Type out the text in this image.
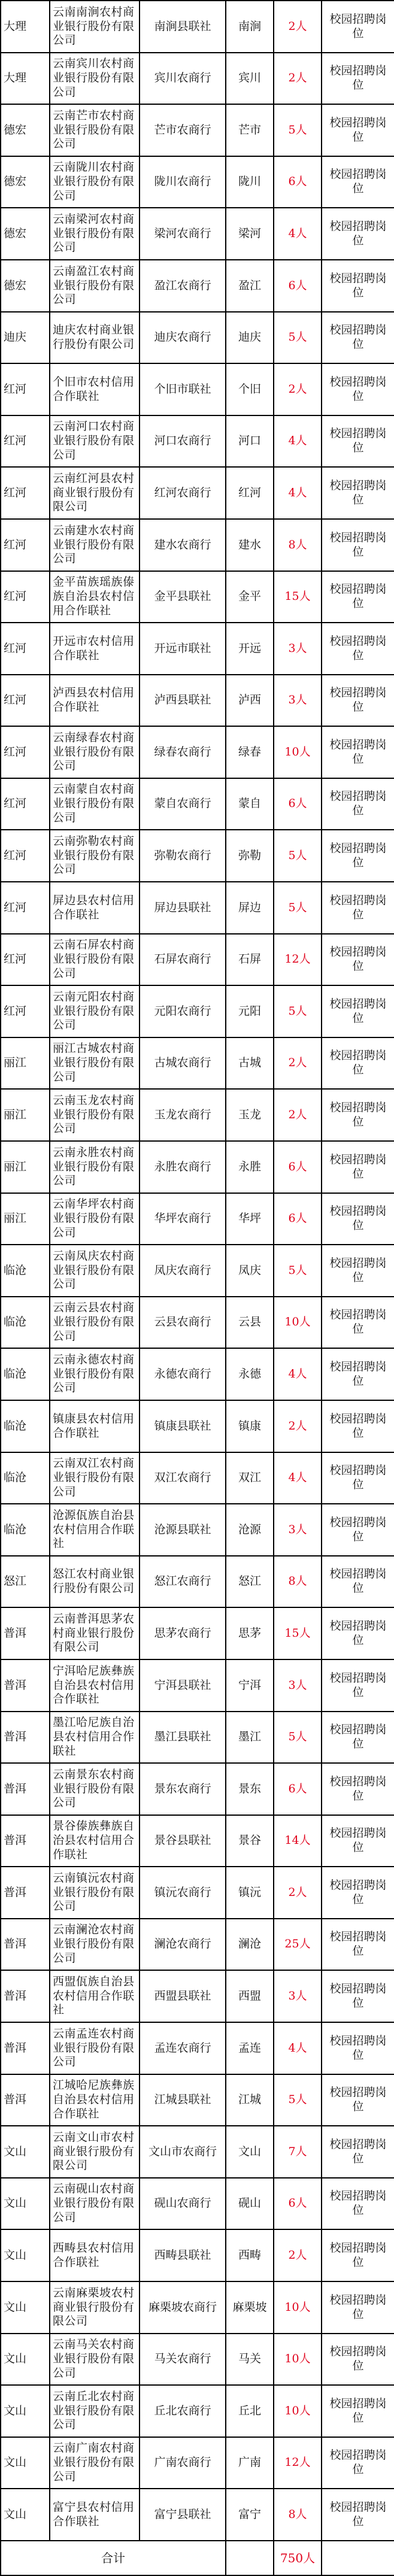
大理	云南南涧农村商业银行股份有限公司	南涧县联社	南涧	2人	校园招聘岗位
大理	云南宾川农村商业银行股份有限公司	宾川农商行	宾川	2人	校园招聘岗位
德宏	云南芒市农村商业银行股份有限公司	芒市农商行	芒市	5人	校园招聘岗位
德宏	云南陇川农村商业银行股份有限公司	陇川农商行	陇川	6人	校园招聘岗位
德宏	云南梁河农村商业银行股份有限公司	梁河农商行	梁河	4人	校园招聘岗位
德宏	云南盈江农村商业银行股份有限公司	盈江农商行	盈江	6人	校园招聘岗位
迪庆	迪庆农村商业银行股份有限公司	迪庆农商行	迪庆	5人	校园招聘岗位
红河	个旧市农村信用合作联社	个旧市联社	个旧	2人	校园招聘岗位
红河	云南河口农村商业银行股份有限公司	河口农商行	河口	4人	校园招聘岗位
红河	云南红河县农村商业银行股份有限公司	红河农商行	红河	4人	校园招聘岗位
红河	云南建水农村商业银行股份有限公司	建水农商行	建水	8人	校园招聘岗位
红河	金平苗族瑶族傣族自治县农村信用合作联社	金平县联社	金平	15人	校园招聘岗位
红河	开远市农村信用合作联社	开远市联社	开远	3人	校园招聘岗位
红河	泸西县农村信用合作联社	泸西县联社	泸西	3人	校园招聘岗位
红河	云南绿春农村商业银行股份有限公司	绿春农商行	绿春	10人	校园招聘岗位
红河	云南蒙自农村商业银行股份有限公司	蒙自农商行	蒙自	6人	校园招聘岗位
红河	云南弥勒农村商业银行股份有限公司	弥勒农商行	弥勒	5人	校园招聘岗位
红河	屏边县农村信用合作联社	屏边县联社	屏边	5人	校园招聘岗位
红河	云南石屏农村商业银行股份有限公司	石屏农商行	石屏	12人	校园招聘岗位
红河	云南元阳农村商业银行股份有限公司	元阳农商行	元阳	5人	校园招聘岗位
丽江	丽江古城农村商业银行股份有限公司	古城农商行	古城	2人	校园招聘岗位
丽江	云南玉龙农村商业银行股份有限公司	玉龙农商行	玉龙	2人	校园招聘岗位
丽江	云南永胜农村商业银行股份有限公司	永胜农商行	永胜	6人	校园招聘岗位
丽江	云南华坪农村商业银行股份有限公司	华坪农商行	华坪	6人	校园招聘岗位
临沧	云南凤庆农村商业银行股份有限公司	凤庆农商行	凤庆	5人	校园招聘岗位
临沧	云南云县农村商业银行股份有限公司	云县农商行	云县	10人	校园招聘岗位
临沧	云南永德农村商业银行股份有限公司	永德农商行	永德	4人	校园招聘岗位
临沧	镇康县农村信用合作联社	镇康县联社	镇康	2人	校园招聘岗位
临沧	云南双江农村商业银行股份有限公司	双江农商行	双江	4人	校园招聘岗位
临沧	沧源佤族自治县农村信用合作联社	沧源县联社	沧源	3人	校园招聘岗位
怒江	怒江农村商业银行股份有限公司	怒江农商行	怒江	8人	校园招聘岗位
普洱	云南普洱思茅农村商业银行股份有限公司	思茅农商行	思茅	15人	校园招聘岗位
普洱	宁洱哈尼族彝族自治县农村信用合作联社	宁洱县联社	宁洱	3人	校园招聘岗位
普洱	墨江哈尼族自治县农村信用合作联社	墨江县联社	墨江	5人	校园招聘岗位
普洱	云南景东农村商业银行股份有限公司	景东农商行	景东	6人	校园招聘岗位
普洱	景谷傣族彝族自治县农村信用合作联社	景谷县联社	景谷	14人	校园招聘岗位
普洱	云南镇沅农村商业银行股份有限公司	镇沅农商行	镇沅	2人	校园招聘岗位
普洱	云南澜沧农村商业银行股份有限公司	澜沧农商行	澜沧	25人	校园招聘岗位
普洱	西盟佤族自治县农村信用合作联社	西盟县联社	西盟	3人	校园招聘岗位
普洱	云南孟连农村商业银行股份有限公司	孟连农商行	孟连	4人	校园招聘岗位
普洱	江城哈尼族彝族自治县农村信用合作联社	江城县联社	江城	5人	校园招聘岗位
文山	云南文山市农村商业银行股份有限公司	文山市农商行	文山	7人	校园招聘岗位
文山	云南砚山农村商业银行股份有限公司	砚山农商行	砚山	6人	校园招聘岗位
文山	西畴县农村信用合作联社	西畴县联社	西畴	2人	校园招聘岗位
文山	云南麻栗坡农村商业银行股份有限公司	麻栗坡农商行	麻栗坡	10人	校园招聘岗位
文山	云南马关农村商业银行股份有限公司	马关农商行	马关	10人	校园招聘岗位
文山	云南丘北农村商业银行股份有限公司	丘北农商行	丘北	10人	校园招聘岗位
文山	云南广南农村商业银行股份有限公司	广南农商行	广南	12人	校园招聘岗位
文山	富宁县农村信用合作联社	富宁县联社	富宁	8人	校园招聘岗位
合计				750人	
